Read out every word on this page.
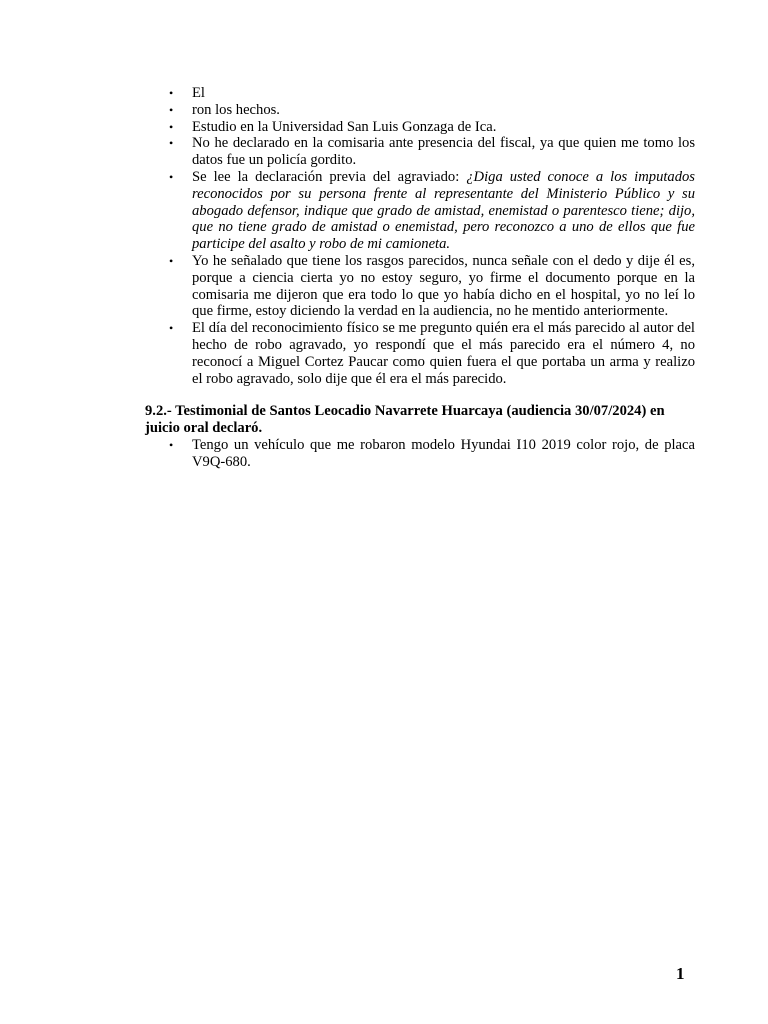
• El
• ron los hechos.
• Estudio en la Universidad San Luis Gonzaga de Ica.
• No he declarado en la comisaria ante presencia del fiscal, ya que quien me tomo los datos fue un policía gordito.
• Se lee la declaración previa del agraviado: ¿Diga usted conoce a los imputados reconocidos por su persona frente al representante del Ministerio Público y su abogado defensor, indique que grado de amistad, enemistad o parentesco tiene; dijo, que no tiene grado de amistad o enemistad, pero reconozco a uno de ellos que fue participe del asalto y robo de mi camioneta.
• Yo he señalado que tiene los rasgos parecidos, nunca señale con el dedo y dije él es, porque a ciencia cierta yo no estoy seguro, yo firme el documento porque en la comisaria me dijeron que era todo lo que yo había dicho en el hospital, yo no leí lo que firme, estoy diciendo la verdad en la audiencia, no he mentido anteriormente.
• El día del reconocimiento físico se me pregunto quién era el más parecido al autor del hecho de robo agravado, yo respondí que el más parecido era el número 4, no reconocí a Miguel Cortez Paucar como quien fuera el que portaba un arma y realizo el robo agravado, solo dije que él era el más parecido.

9.2.- Testimonial de Santos Leocadio Navarrete Huarcaya (audiencia 30/07/2024) en juicio oral declaró.

• Tengo un vehículo que me robaron modelo Hyundai I10 2019 color rojo, de placa V9Q-680.
1
